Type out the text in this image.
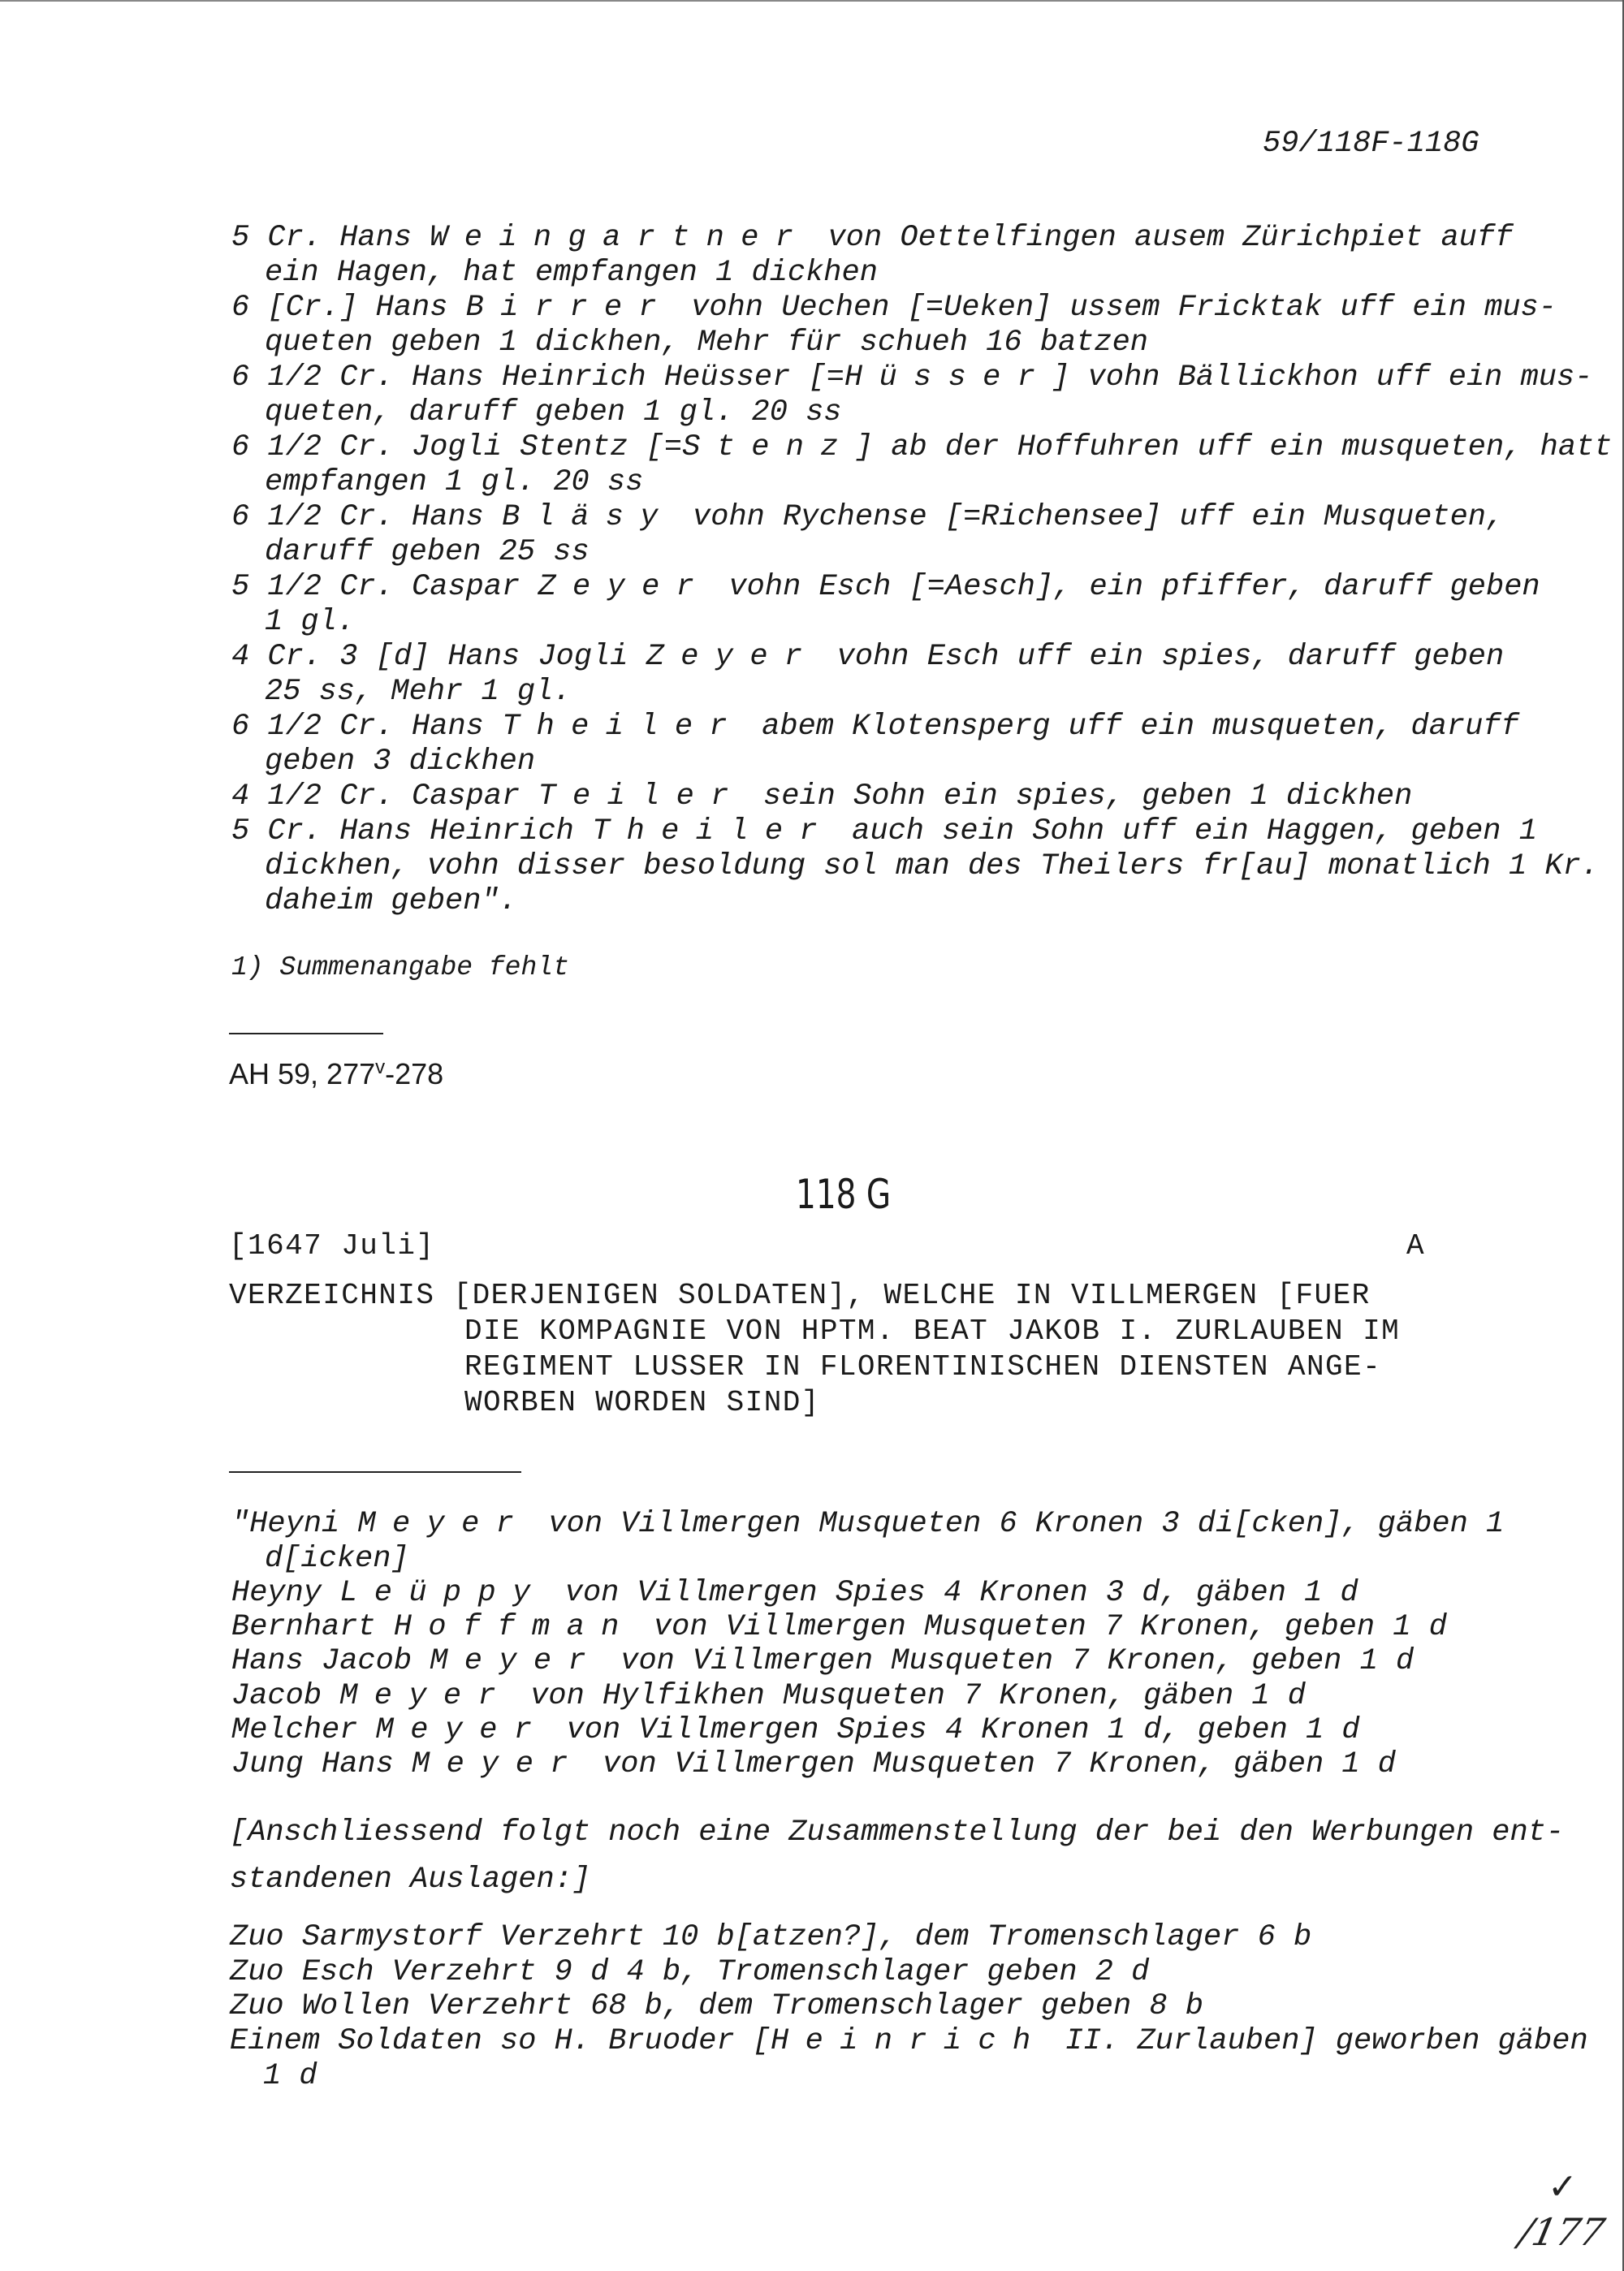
59/118F-118G
5 Cr. Hans Weingartner von Oettelfingen ausem Zürichpiet auff
ein Hagen, hat empfangen 1 dickhen
6 [Cr.] Hans Birrer vohn Uechen [=Ueken] ussem Fricktak uff ein mus-
queten geben 1 dickhen, Mehr für schueh 16 batzen
6 1/2 Cr. Hans Heinrich Heüsser [=Hüsser] vohn Bällickhon uff ein mus-
queten, daruff geben 1 gl. 20 ss
6 1/2 Cr. Jogli Stentz [=Stenz] ab der Hoffuhren uff ein musqueten, hatt
empfangen 1 gl. 20 ss
6 1/2 Cr. Hans Bläsy vohn Rychense [=Richensee] uff ein Musqueten,
daruff geben 25 ss
5 1/2 Cr. Caspar Zeyer vohn Esch [=Aesch], ein pfiffer, daruff geben
1 gl.
4 Cr. 3 [d] Hans Jogli Zeyer vohn Esch uff ein spies, daruff geben
25 ss, Mehr 1 gl.
6 1/2 Cr. Hans Theiler abem Klotensperg uff ein musqueten, daruff
geben 3 dickhen
4 1/2 Cr. Caspar Teiler sein Sohn ein spies, geben 1 dickhen
5 Cr. Hans Heinrich Theiler auch sein Sohn uff ein Haggen, geben 1
dickhen, vohn disser besoldung sol man des Theilers fr[au] monatlich 1 Kr.
daheim geben".
1) Summenangabe fehlt
AH 59, 277$^v$-278
118 G
[1647 Juli]	A
VERZEICHNIS [DERJENIGEN SOLDATEN], WELCHE IN VILLMERGEN [FUER
DIE KOMPAGNIE VON HPTM. BEAT JAKOB I. ZURLAUBEN IM
REGIMENT LUSSER IN FLORENTINISCHEN DIENSTEN ANGE-
WORBEN WORDEN SIND]
"Heyni Meyer von Villmergen Musqueten 6 Kronen 3 di[cken], gäben 1
d[icken]
Heyny Leüppy von Villmergen Spies 4 Kronen 3 d, gäben 1 d
Bernhart Hoffman von Villmergen Musqueten 7 Kronen, geben 1 d
Hans Jacob Meyer von Villmergen Musqueten 7 Kronen, geben 1 d
Jacob Meyer von Hylfikhen Musqueten 7 Kronen, gäben 1 d
Melcher Meyer von Villmergen Spies 4 Kronen 1 d, geben 1 d
Jung Hans Meyer von Villmergen Musqueten 7 Kronen, gäben 1 d
[Anschliessend folgt noch eine Zusammenstellung der bei den Werbungen ent-
standenen Auslagen:]
Zuo Sarmystorf Verzehrt 10 b[atzen?], dem Tromenschlager 6 b
Zuo Esch Verzehrt 9 d 4 b, Tromenschlager geben 2 d
Zuo Wollen Verzehrt 68 b, dem Tromenschlager geben 8 b
Einem Soldaten so H. Bruoder [Heinrich II. Zurlauben] geworben gäben
1 d
✓
/177
